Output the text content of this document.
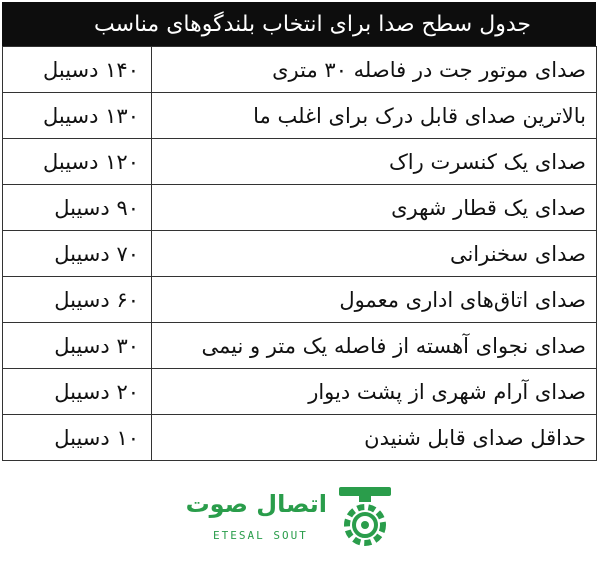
جدول سطح صدا برای انتخاب بلندگوهای مناسب
صدای موتور جت در فاصله ۳۰ متری	۱۴۰ دسیبل
بالاترین صدای قابل درک برای اغلب ما	۱۳۰ دسیبل
صدای یک کنسرت راک	۱۲۰ دسیبل
صدای یک قطار شهری	۹۰ دسیبل
صدای سخنرانی	۷۰ دسیبل
صدای اتاق‌های اداری معمول	۶۰ دسیبل
صدای نجوای آهسته از فاصله یک متر و نیمی	۳۰ دسیبل
صدای آرام شهری از پشت دیوار	۲۰ دسیبل
حداقل صدای قابل شنیدن	۱۰ دسیبل
اتصال صوت
ETESAL SOUT
